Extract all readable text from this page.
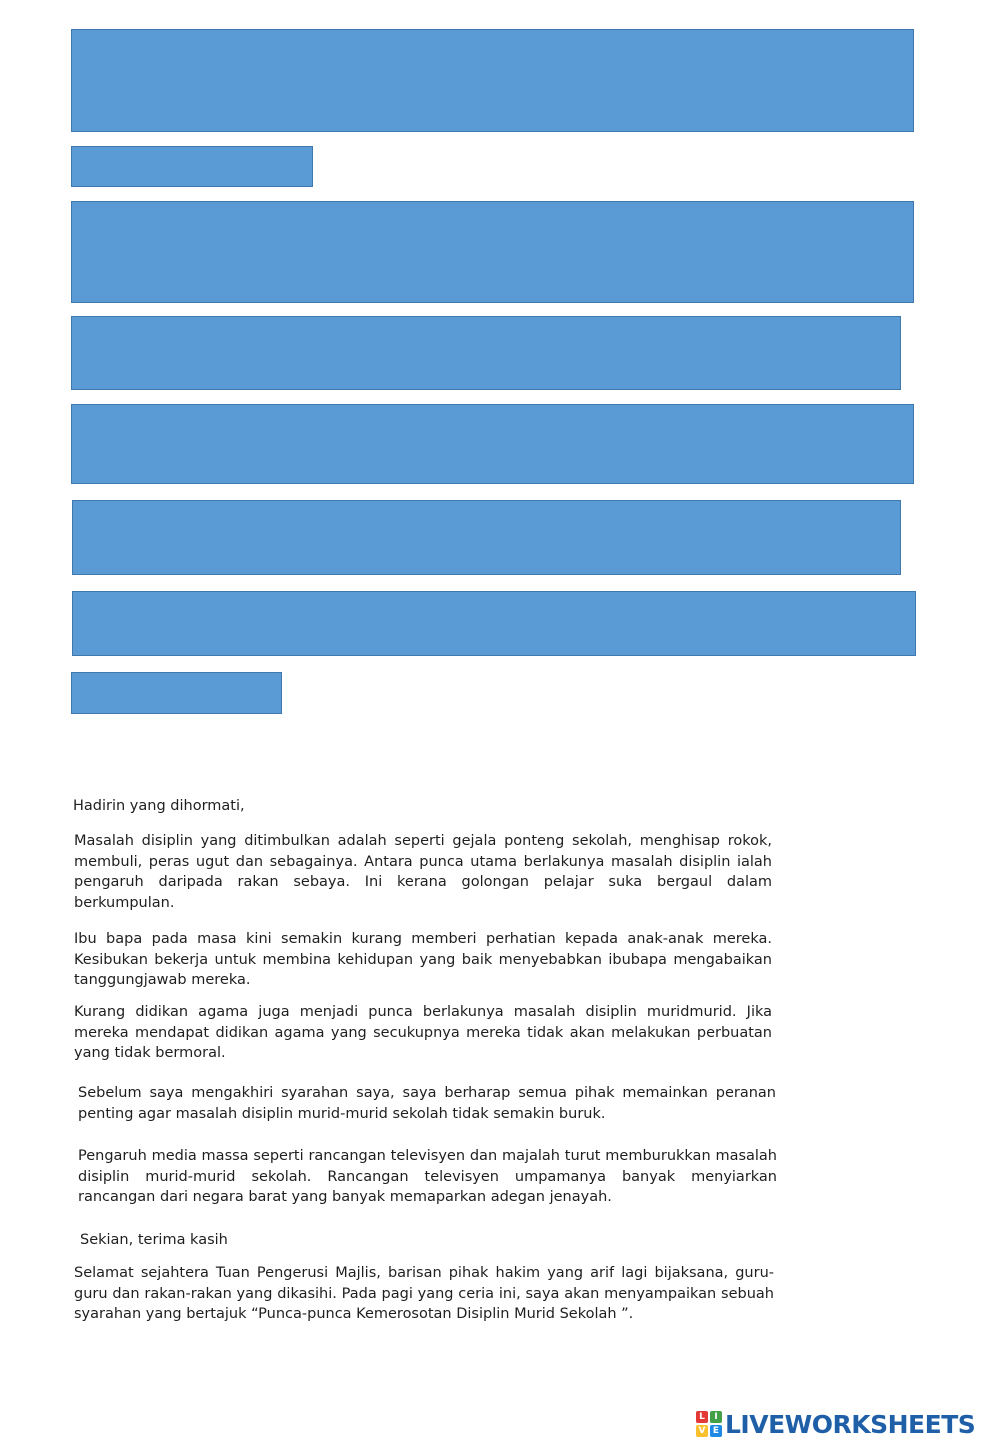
Hadirin yang dihormati,

Masalah disiplin yang ditimbulkan adalah seperti gejala ponteng sekolah, menghisap rokok, membuli, peras ugut dan sebagainya. Antara punca utama berlakunya masalah disiplin ialah pengaruh daripada rakan sebaya. Ini kerana golongan pelajar suka bergaul dalam berkumpulan.

Ibu bapa pada masa kini semakin kurang memberi perhatian kepada anak-anak mereka. Kesibukan bekerja untuk membina kehidupan yang baik menyebabkan ibubapa mengabaikan tanggungjawab mereka.

Kurang didikan agama juga menjadi punca berlakunya masalah disiplin muridmurid. Jika mereka mendapat didikan agama yang secukupnya mereka tidak akan melakukan perbuatan yang tidak bermoral.

Sebelum saya mengakhiri syarahan saya, saya berharap semua pihak memainkan peranan penting agar masalah disiplin murid-murid sekolah tidak semakin buruk.

Pengaruh media massa seperti rancangan televisyen dan majalah turut memburukkan masalah disiplin murid-murid sekolah. Rancangan televisyen umpamanya banyak menyiarkan rancangan dari negara barat yang banyak memaparkan adegan jenayah.

Sekian, terima kasih

Selamat sejahtera Tuan Pengerusi Majlis, barisan pihak hakim yang arif lagi bijaksana, guru-guru dan rakan-rakan yang dikasihi. Pada pagi yang ceria ini, saya akan menyampaikan sebuah syarahan yang bertajuk “Punca-punca Kemerosotan Disiplin Murid Sekolah ”.

L	I
V E LIVEWORKSHEETS
